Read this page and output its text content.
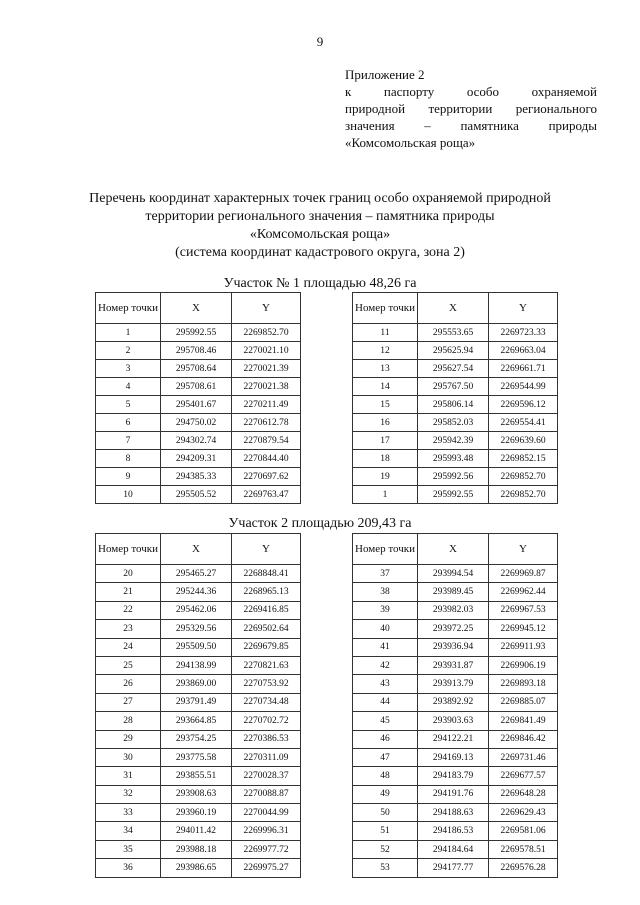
9
Приложение 2
к паспорту особо охраняемой
природной территории регионального
значения – памятника природы
«Комсомольская роща»
Перечень координат характерных точек границ особо охраняемой природной
территории регионального значения – памятника природы
«Комсомольская роща»
(система координат кадастрового округа, зона 2)
Участок № 1 площадью 48,26 га
Номер точки	X	Y
1	295992.55	2269852.70
2	295708.46	2270021.10
3	295708.64	2270021.39
4	295708.61	2270021.38
5	295401.67	2270211.49
6	294750.02	2270612.78
7	294302.74	2270879.54
8	294209.31	2270844.40
9	294385.33	2270697.62
10	295505.52	2269763.47
Номер точки	X	Y
11	295553.65	2269723.33
12	295625.94	2269663.04
13	295627.54	2269661.71
14	295767.50	2269544.99
15	295806.14	2269596.12
16	295852.03	2269554.41
17	295942.39	2269639.60
18	295993.48	2269852.15
19	295992.56	2269852.70
1	295992.55	2269852.70
Участок 2 площадью 209,43 га
Номер точки	X	Y
20	295465.27	2268848.41
21	295244.36	2268965.13
22	295462.06	2269416.85
23	295329.56	2269502.64
24	295509.50	2269679.85
25	294138.99	2270821.63
26	293869.00	2270753.92
27	293791.49	2270734.48
28	293664.85	2270702.72
29	293754.25	2270386.53
30	293775.58	2270311.09
31	293855.51	2270028.37
32	293908.63	2270088.87
33	293960.19	2270044.99
34	294011.42	2269996.31
35	293988.18	2269977.72
36	293986.65	2269975.27
Номер точки	X	Y
37	293994.54	2269969.87
38	293989.45	2269962.44
39	293982.03	2269967.53
40	293972.25	2269945.12
41	293936.94	2269911.93
42	293931.87	2269906.19
43	293913.79	2269893.18
44	293892.92	2269885.07
45	293903.63	2269841.49
46	294122.21	2269846.42
47	294169.13	2269731.46
48	294183.79	2269677.57
49	294191.76	2269648.28
50	294188.63	2269629.43
51	294186.53	2269581.06
52	294184.64	2269578.51
53	294177.77	2269576.28
